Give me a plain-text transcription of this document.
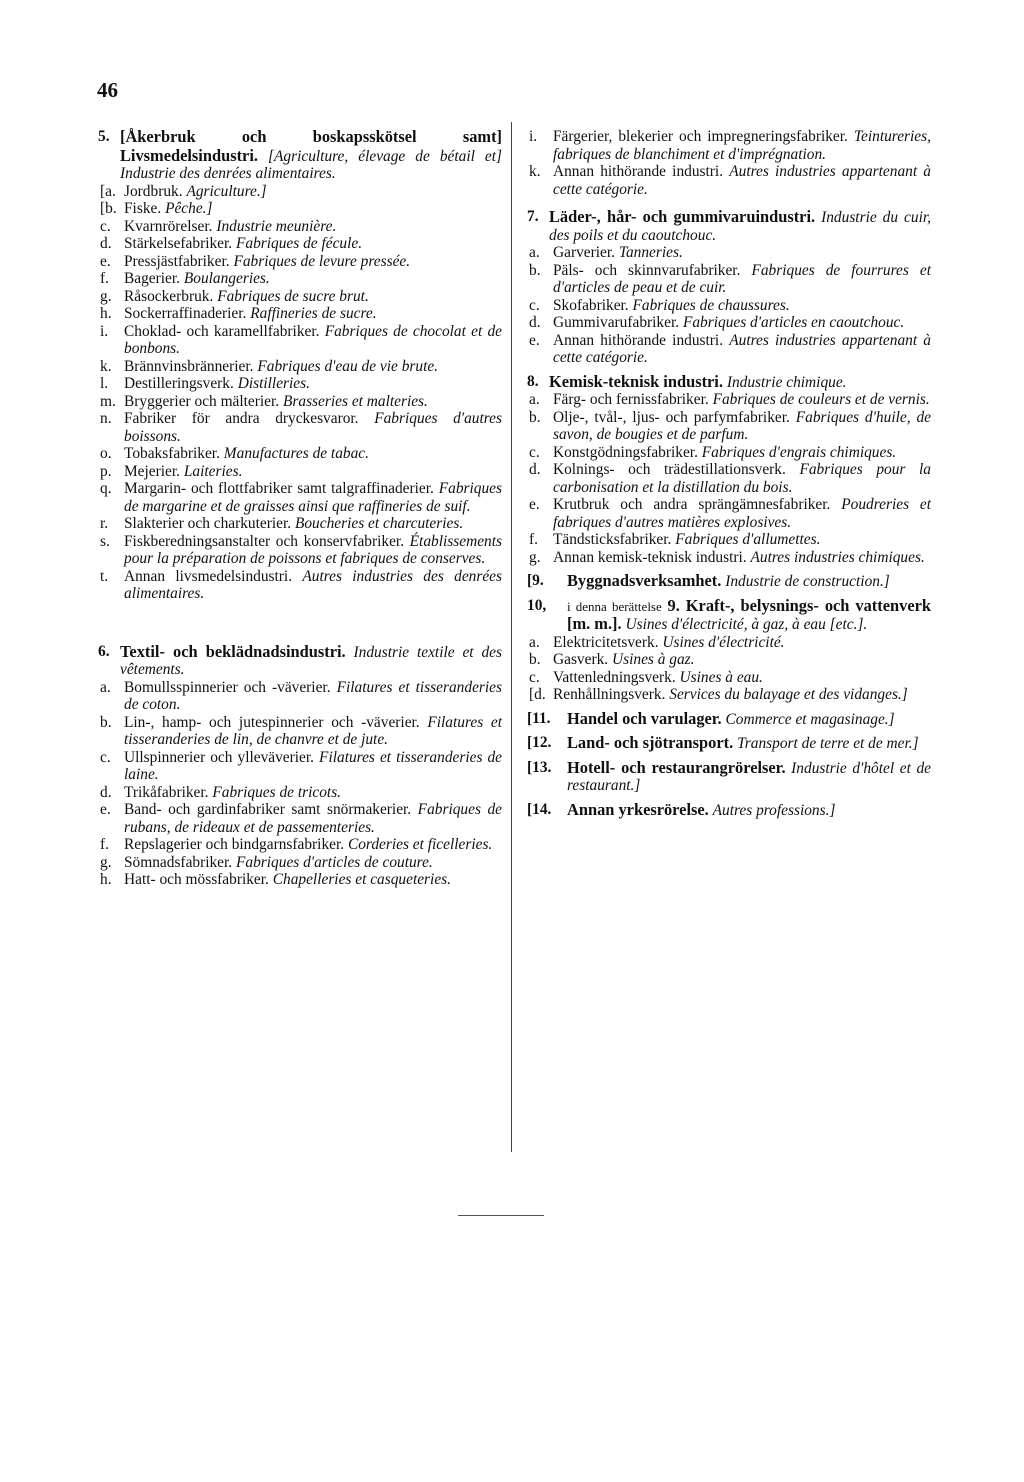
46
5. [Åkerbruk och boskapsskötsel samt] Livsmedelsindustri. [Agriculture, élevage de bétail et] Industrie des denrées alimentaires.
[a. Jordbruk. Agriculture.]
[b. Fiske. Pêche.]
c. Kvarnrörelser. Industrie meunière.
d. Stärkelsefabriker. Fabriques de fécule.
e. Pressjästfabriker. Fabriques de levure pressée.
f. Bagerier. Boulangeries.
g. Råsockerbruk. Fabriques de sucre brut.
h. Sockerraffinaderier. Raffineries de sucre.
i.	Choklad- och karamellfabriker. Fabriques de chocolat et de bonbons.
k. Brännvinsbrännerier. Fabriques d'eau de vie brute.
l.	Destilleringsverk. Distilleries.
m. Bryggerier och mälterier. Brasseries et malteries.
n. Fabriker för andra dryckesvaror. Fabriques d'autres boissons.
o. Tobaksfabriker. Manufactures de tabac.
p. Mejerier. Laiteries.
q. Margarin- och flottfabriker samt talgraffinaderier. Fabriques de margarine et de graisses ainsi que raffineries de suif.
r.	Slakterier och charkuterier. Boucheries et charcuteries.
s. Fiskberedningsanstalter och konservfabriker. Établissements pour la préparation de poissons et fabriques de conserves.
t.	Annan livsmedelsindustri. Autres industries des denrées alimentaires.
6. Textil- och beklädnadsindustri. Industrie textile et des vêtements.
a. Bomullsspinnerier och -väverier. Filatures et tisseranderies de coton.
b. Lin-, hamp- och jutespinnerier och -väverier. Filatures et tisseranderies de lin, de chanvre et de jute.
c. Ullspinnerier och ylleväverier. Filatures et tisseranderies de laine.
d. Trikåfabriker. Fabriques de tricots.
e. Band- och gardinfabriker samt snörmakerier. Fabriques de rubans, de rideaux et de passementeries.
f. Repslagerier och bindgarnsfabriker. Corderies et ficelleries.
g. Sömnadsfabriker. Fabriques d'articles de couture.
h. Hatt- och mössfabriker. Chapelleries et casqueteries.
i.	Färgerier, blekerier och impregneringsfabriker. Teintureries, fabriques de blanchiment et d'imprégnation.
k. Annan hithörande industri. Autres industries appartenant à cette catégorie.
7. Läder-, hår- och gummivaruindustri. Industrie du cuir, des poils et du caoutchouc.
a. Garverier. Tanneries.
b. Päls- och skinnvarufabriker. Fabriques de fourrures et d'articles de peau et de cuir.
c. Skofabriker. Fabriques de chaussures.
d. Gummivarufabriker. Fabriques d'articles en caoutchouc.
e. Annan hithörande industri. Autres industries appartenant à cette catégorie.
8. Kemisk-teknisk industri. Industrie chimique.
a. Färg- och fernissfabriker. Fabriques de couleurs et de vernis.
b. Olje-, tvål-, ljus- och parfymfabriker. Fabriques d'huile, de savon, de bougies et de parfum.
c. Konstgödningsfabriker. Fabriques d'engrais chimiques.
d. Kolnings- och trädestillationsverk. Fabriques pour la carbonisation et la distillation du bois.
e. Krutbruk och andra sprängämnesfabriker. Poudreries et fabriques d'autres matières explosives.
f. Tändsticksfabriker. Fabriques d'allumettes.
g. Annan kemisk-teknisk industri. Autres industries chimiques.
[9.	Byggnadsverksamhet. Industrie de construction.]
10,	i denna berättelse 9. Kraft-, belysnings- och vattenverk [m. m.]. Usines d'électricité, à gaz, à eau [etc.].
a. Elektricitetsverk. Usines d'électricité.
b. Gasverk. Usines à gaz.
c. Vattenledningsverk. Usines à eau.
[d. Renhållningsverk. Services du balayage et des vidanges.]
[11.	Handel och varulager. Commerce et magasinage.]
[12. Land- och sjötransport. Transport de terre et de mer.]
[13. Hotell- och restaurangrörelser. Industrie d'hôtel et de restaurant.]
[14. Annan yrkesrörelse. Autres professions.]
